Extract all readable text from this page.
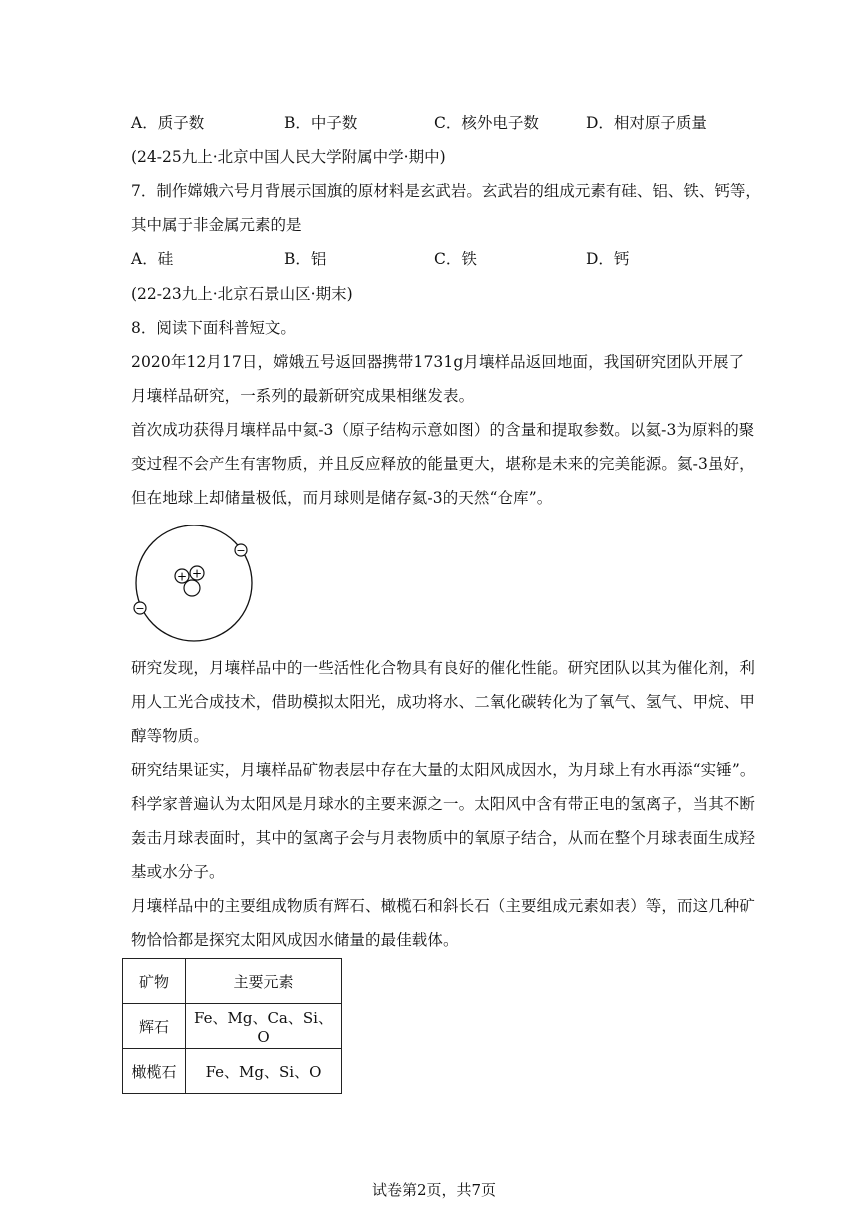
A．质子数	B．中子数	C．核外电子数	D．相对原子质量
(24-25九上·北京中国人民大学附属中学·期中)
7．制作嫦娥六号月背展示国旗的原材料是玄武岩。玄武岩的组成元素有硅、铝、铁、钙等，
其中属于非金属元素的是
A．硅	B．铝	C．铁	D．钙
(22-23九上·北京石景山区·期末)
8．阅读下面科普短文。
2020年12月17日，嫦娥五号返回器携带1731g月壤样品返回地面，我国研究团队开展了
月壤样品研究，一系列的最新研究成果相继发表。
首次成功获得月壤样品中氦-3（原子结构示意如图）的含量和提取参数。以氦-3为原料的聚
变过程不会产生有害物质，并且反应释放的能量更大，堪称是未来的完美能源。氦-3虽好，
但在地球上却储量极低，而月球则是储存氦-3的天然“仓库”。
+ +
−
−
研究发现，月壤样品中的一些活性化合物具有良好的催化性能。研究团队以其为催化剂，利
用人工光合成技术，借助模拟太阳光，成功将水、二氧化碳转化为了氧气、氢气、甲烷、甲
醇等物质。
研究结果证实，月壤样品矿物表层中存在大量的太阳风成因水，为月球上有水再添“实锤”。
科学家普遍认为太阳风是月球水的主要来源之一。太阳风中含有带正电的氢离子，当其不断
轰击月球表面时，其中的氢离子会与月表物质中的氧原子结合，从而在整个月球表面生成羟
基或水分子。
月壤样品中的主要组成物质有辉石、橄榄石和斜长石（主要组成元素如表）等，而这几种矿
物恰恰都是探究太阳风成因水储量的最佳载体。
矿物	主要元素
辉石	Fe、Mg、Ca、Si、O
橄榄石	Fe、Mg、Si、O
试卷第2页，共7页
